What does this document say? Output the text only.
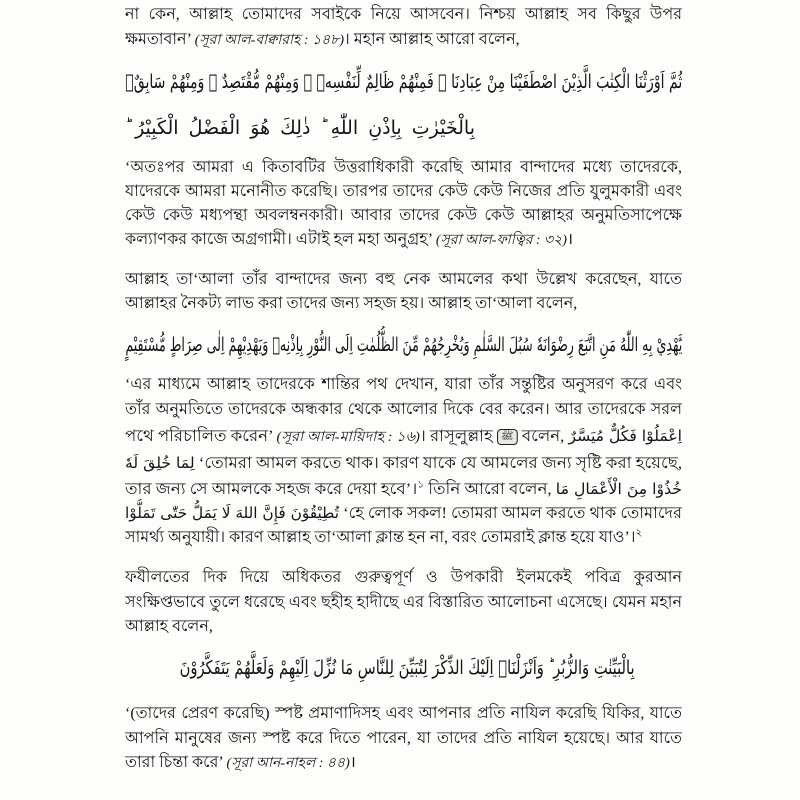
না কেন, আল্লাহ তোমাদের সবাইকে নিয়ে আসবেন। নিশ্চয় আল্লাহ সব কিছুর উপর
ক্ষমতাবান’ (সূরা আল-বাক্বারাহ : ১৪৮)। মহান আল্লাহ আরো বলেন,
ثُمَّ اَوْرَثْنَا الْكِتٰبَ الَّذِيْنَ اصْطَفَيْنَا مِنْ عِبَادِنَا ۚ فَمِنْهُمْ ظَالِمٌ لِّنَفْسِهٖ ۚ وَمِنْهُمْ مُّقْتَصِدٌ ۚ وَمِنْهُمْ سَابِقٌۢ
بِالْخَيْرٰتِ بِاِذْنِ اللّٰهِ ؕ ذٰلِكَ هُوَ الْفَضْلُ الْكَبِيْرُ ؕ
‘অতঃপর আমরা এ কিতাবটির উত্তরাধিকারী করেছি আমার বান্দাদের মধ্যে তাদেরকে,
যাদেরকে আমরা মনোনীত করেছি। তারপর তাদের কেউ কেউ নিজের প্রতি যুলুমকারী এবং
কেউ কেউ মধ্যপন্থা অবলম্বনকারী। আবার তাদের কেউ কেউ আল্লাহর অনুমতিসাপেক্ষে
কল্যাণকর কাজে অগ্রগামী। এটাই হল মহা অনুগ্রহ’ (সূরা আল-ফাত্বির : ৩২)।
আল্লাহ তা‘আলা তাঁর বান্দাদের জন্য বহু নেক আমলের কথা উল্লেখ করেছেন, যাতে
আল্লাহর নৈকট্য লাভ করা তাদের জন্য সহজ হয়। আল্লাহ তা‘আলা বলেন,
يَّهْدِيْ بِهِ اللّٰهُ مَنِ اتَّبَعَ رِضْوَانَهٗ سُبُلَ السَّلٰمِ وَيُخْرِجُهُمْ مِّنَ الظُّلُمٰتِ اِلَى النُّوْرِ بِاِذْنِهٖ وَيَهْدِيْهِمْ اِلٰى صِرَاطٍ مُّسْتَقِيْمٍ
‘এর মাধ্যমে আল্লাহ তাদেরকে শান্তির পথ দেখান, যারা তাঁর সন্তুষ্টির অনুসরণ করে এবং
তাঁর অনুমতিতে তাদেরকে অন্ধকার থেকে আলোর দিকে বের করেন। আর তাদেরকে সরল
পথে পরিচালিত করেন’ (সূরা আল-মায়িদাহ : ১৬)। রাসূলুল্লাহ ﷺ বলেন, اِعْمَلُوْا فَكُلٌّ مُيَسَّرٌ
لِمَا خُلِقَ لَهٗ ‘তোমরা আমল করতে থাক। কারণ যাকে যে আমলের জন্য সৃষ্টি করা হয়েছে,
তার জন্য সে আমলকে সহজ করে দেয়া হবে’।$^১$ তিনি আরো বলেন, خُذُوْا مِنَ الْأَعْمَالِ مَا
تُطِيْقُوْنَ فَإِنَّ اللهَ لَا يَمَلُّ حَتّٰى تَمَلُّوْا ‘হে লোক সকল! তোমরা আমল করতে থাক তোমাদের
সামর্থ্য অনুযায়ী। কারণ আল্লাহ তা‘আলা ক্লান্ত হন না, বরং তোমরাই ক্লান্ত হয়ে যাও’।$^২$
ফযীলতের দিক দিয়ে অধিকতর গুরুত্বপূর্ণ ও উপকারী ইলমকেই পবিত্র কুরআন
সংক্ষিপ্তভাবে তুলে ধরেছে এবং ছহীহ হাদীছে এর বিস্তারিত আলোচনা এসেছে। যেমন মহান
আল্লাহ বলেন,
بِالْبَيِّنٰتِ وَالزُّبُرِ ؕ وَاَنْزَلْنَاۤ اِلَيْكَ الذِّكْرَ لِتُبَيِّنَ لِلنَّاسِ مَا نُزِّلَ اِلَيْهِمْ وَلَعَلَّهُمْ يَتَفَكَّرُوْنَ
‘(তাদের প্রেরণ করেছি) স্পষ্ট প্রমাণাদিসহ এবং আপনার প্রতি নাযিল করেছি যিকির, যাতে
আপনি মানুষের জন্য স্পষ্ট করে দিতে পারেন, যা তাদের প্রতি নাযিল হয়েছে। আর যাতে
তারা চিন্তা করে’ (সূরা আন-নাহল : ৪৪)।
